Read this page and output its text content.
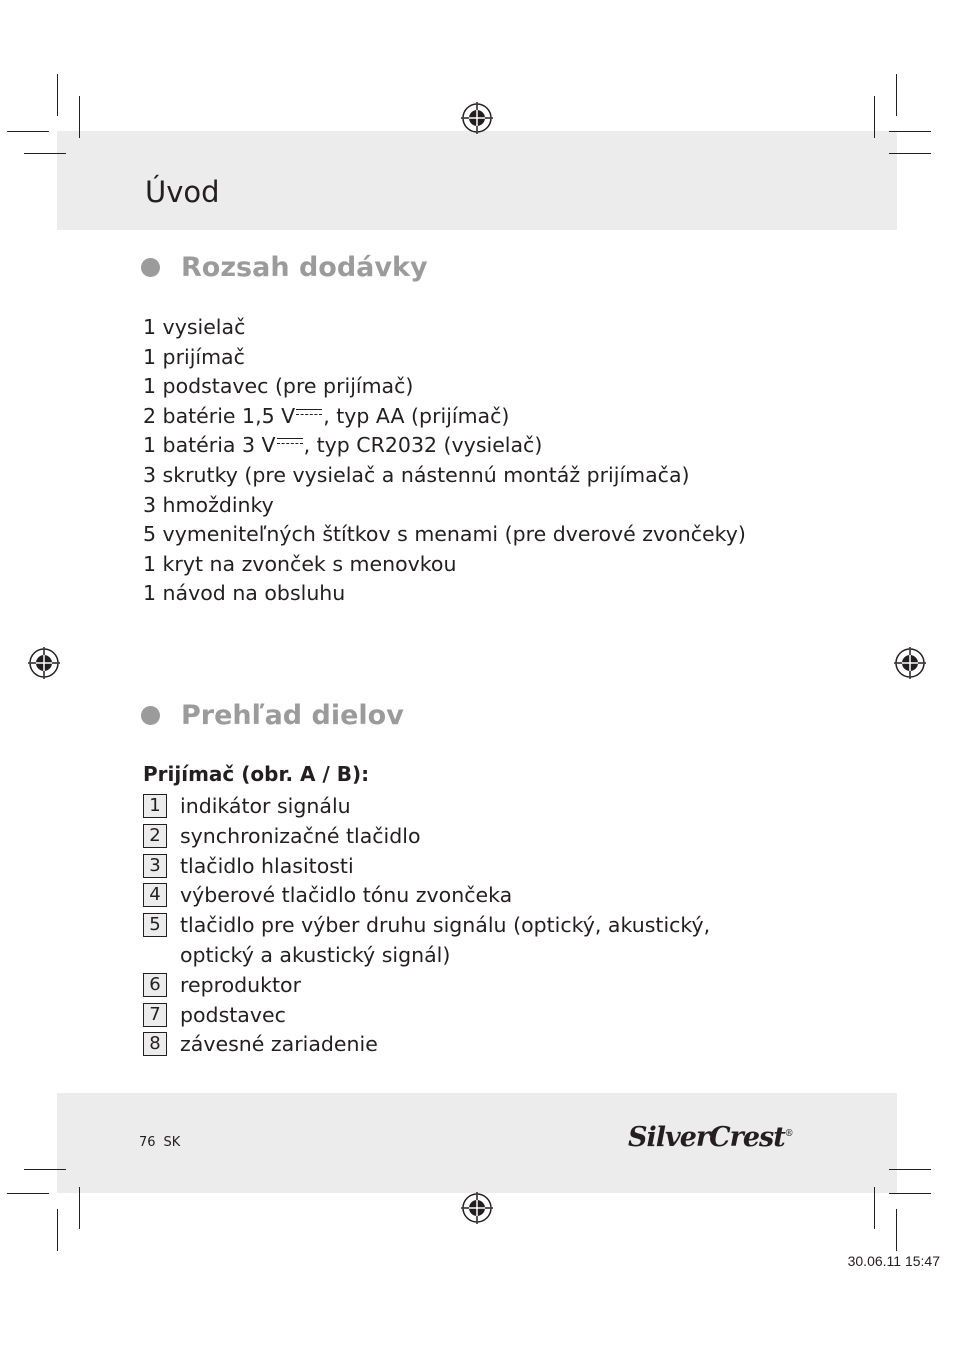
Úvod
Rozsah dodávky
1 vysielač
1 prijímač
1 podstavec (pre prijímač)
2 batérie 1,5 V , typ AA (prijímač)
1 batéria 3 V , typ CR2032 (vysielač)
3 skrutky (pre vysielač a nástennú montáž prijímača)
3 hmoždinky
5 vymeniteľných štítkov s menami (pre dverové zvončeky)
1 kryt na zvonček s menovkou
1 návod na obsluhu
Prehľad dielov

Prijímač (obr. A / B):

1 indikátor signálu
2 synchronizačné tlačidlo
3 tlačidlo hlasitosti
4 výberové tlačidlo tónu zvončeka
5 tlačidlo pre výber druhu signálu (optický, akustický, optický a akustický signál)
6 reproduktor
7 podstavec
8 závesné zariadenie

76 SK	SilverCrest®

30.06.11 15:47
